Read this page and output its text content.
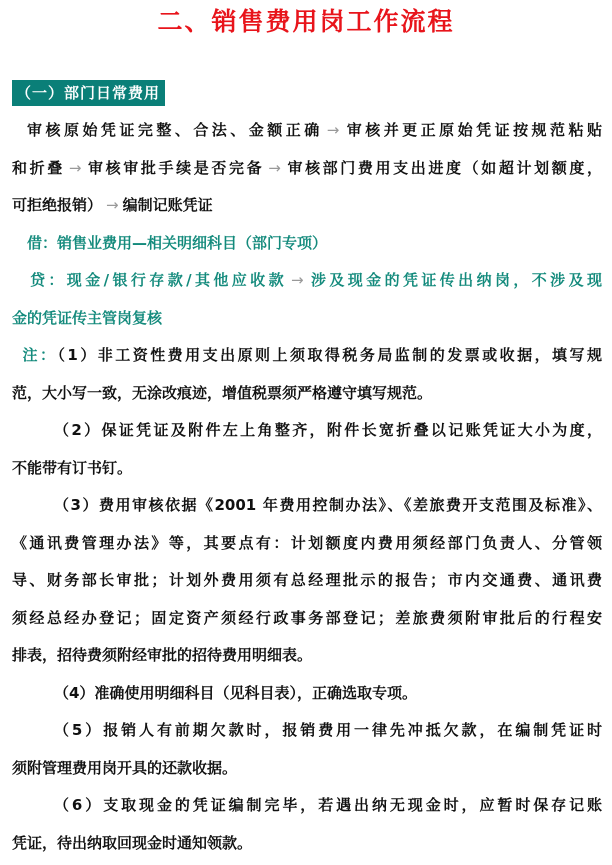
二、销售费用岗工作流程
（一）部门日常费用
审核原始凭证完整、合法、金额正确 → 审核并更正原始凭证按规范粘贴
和折叠 → 审核审批手续是否完备 → 审核部门费用支出进度（如超计划额度，
可拒绝报销） → 编制记账凭证
借：销售业费用—相关明细科目（部门专项）
贷：现金/银行存款/其他应收款 → 涉及现金的凭证传出纳岗，不涉及现
金的凭证传主管岗复核
注：（1）非工资性费用支出原则上须取得税务局监制的发票或收据，填写规
范，大小写一致，无涂改痕迹，增值税票须严格遵守填写规范。
（2）保证凭证及附件左上角整齐，附件长宽折叠以记账凭证大小为度，
不能带有订书钉。
（3）费用审核依据《2001 年费用控制办法》、《差旅费开支范围及标准》、
《通讯费管理办法》等，其要点有：计划额度内费用须经部门负责人、分管领
导、财务部长审批；计划外费用须有总经理批示的报告；市内交通费、通讯费
须经总经办登记；固定资产须经行政事务部登记；差旅费须附审批后的行程安
排表，招待费须附经审批的招待费用明细表。
（4）准确使用明细科目（见科目表），正确选取专项。
（5）报销人有前期欠款时，报销费用一律先冲抵欠款，在编制凭证时
须附管理费用岗开具的还款收据。
（6）支取现金的凭证编制完毕，若遇出纳无现金时，应暂时保存记账
凭证，待出纳取回现金时通知领款。
